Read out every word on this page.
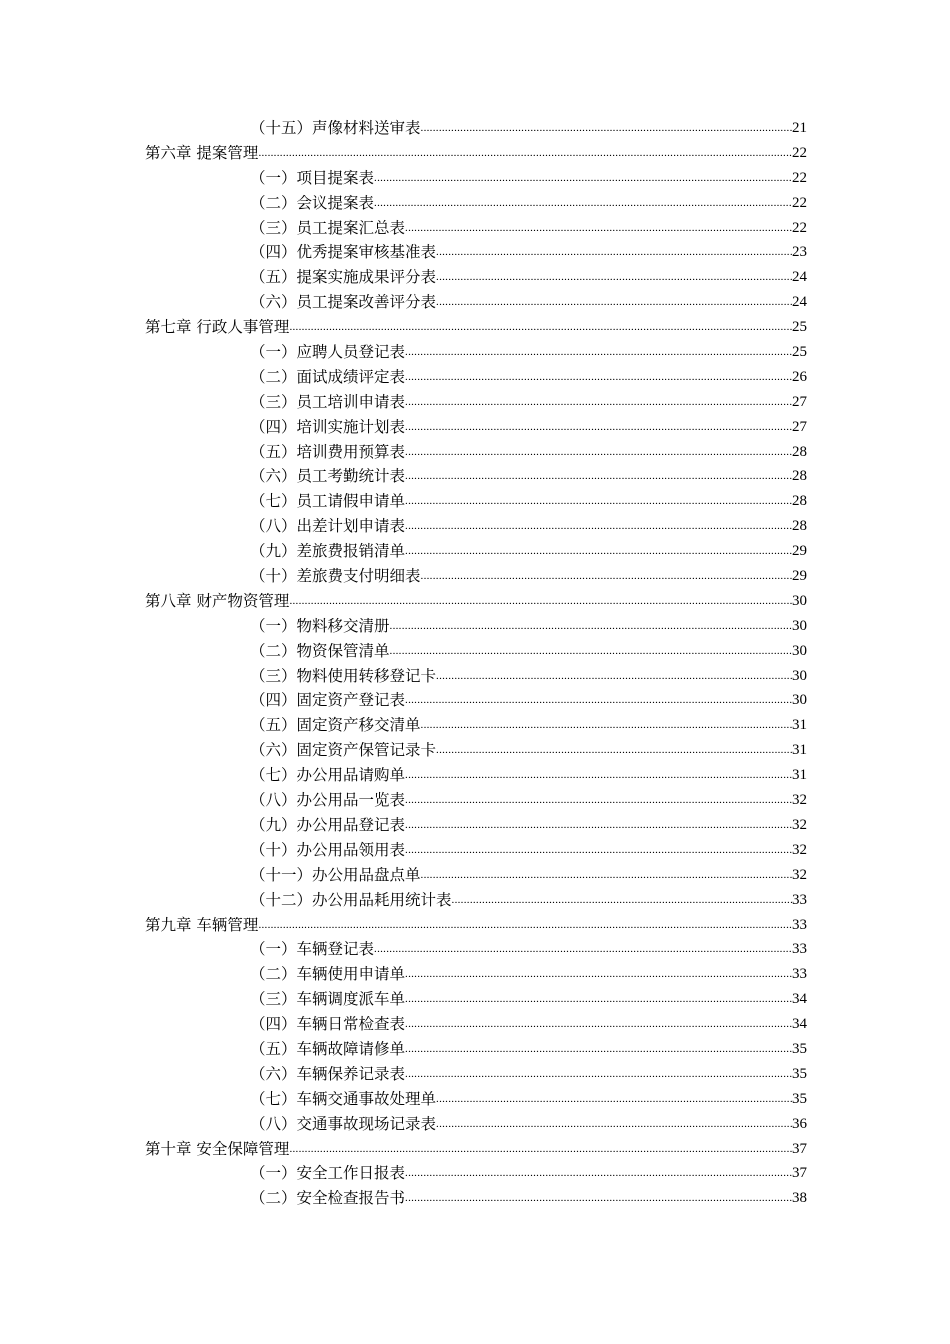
（十五）声像材料送审表 .....	21
第六章 提案管理 .....	22
（一）项目提案表 .....	22
（二）会议提案表 .....	22
（三）员工提案汇总表 .....	22
（四）优秀提案审核基准表 .....	23
（五）提案实施成果评分表 .....	24
（六）员工提案改善评分表 .....	24
第七章 行政人事管理 .....	25
（一）应聘人员登记表 .....	25
（二）面试成绩评定表 .....	26
（三）员工培训申请表 .....	27
（四）培训实施计划表 .....	27
（五）培训费用预算表 .....	28
（六）员工考勤统计表 .....	28
（七）员工请假申请单 .....	28
（八）出差计划申请表 .....	28
（九）差旅费报销清单 .....	29
（十）差旅费支付明细表 .....	29
第八章 财产物资管理 .....	30
（一）物料移交清册 .....	30
（二）物资保管清单 .....	30
（三）物料使用转移登记卡 .....	30
（四）固定资产登记表 .....	30
（五）固定资产移交清单 .....	31
（六）固定资产保管记录卡 .....	31
（七）办公用品请购单 .....	31
（八）办公用品一览表 .....	32
（九）办公用品登记表 .....	32
（十）办公用品领用表 .....	32
（十一）办公用品盘点单 .....	32
（十二）办公用品耗用统计表 .....	33
第九章 车辆管理 .....	33
（一）车辆登记表 .....	33
（二）车辆使用申请单 .....	33
（三）车辆调度派车单 .....	34
（四）车辆日常检查表 .....	34
（五）车辆故障请修单 .....	35
（六）车辆保养记录表 .....	35
（七）车辆交通事故处理单 .....	35
（八）交通事故现场记录表 .....	36
第十章 安全保障管理 .....	37
（一）安全工作日报表 .....	37
（二）安全检查报告书 .....	38
